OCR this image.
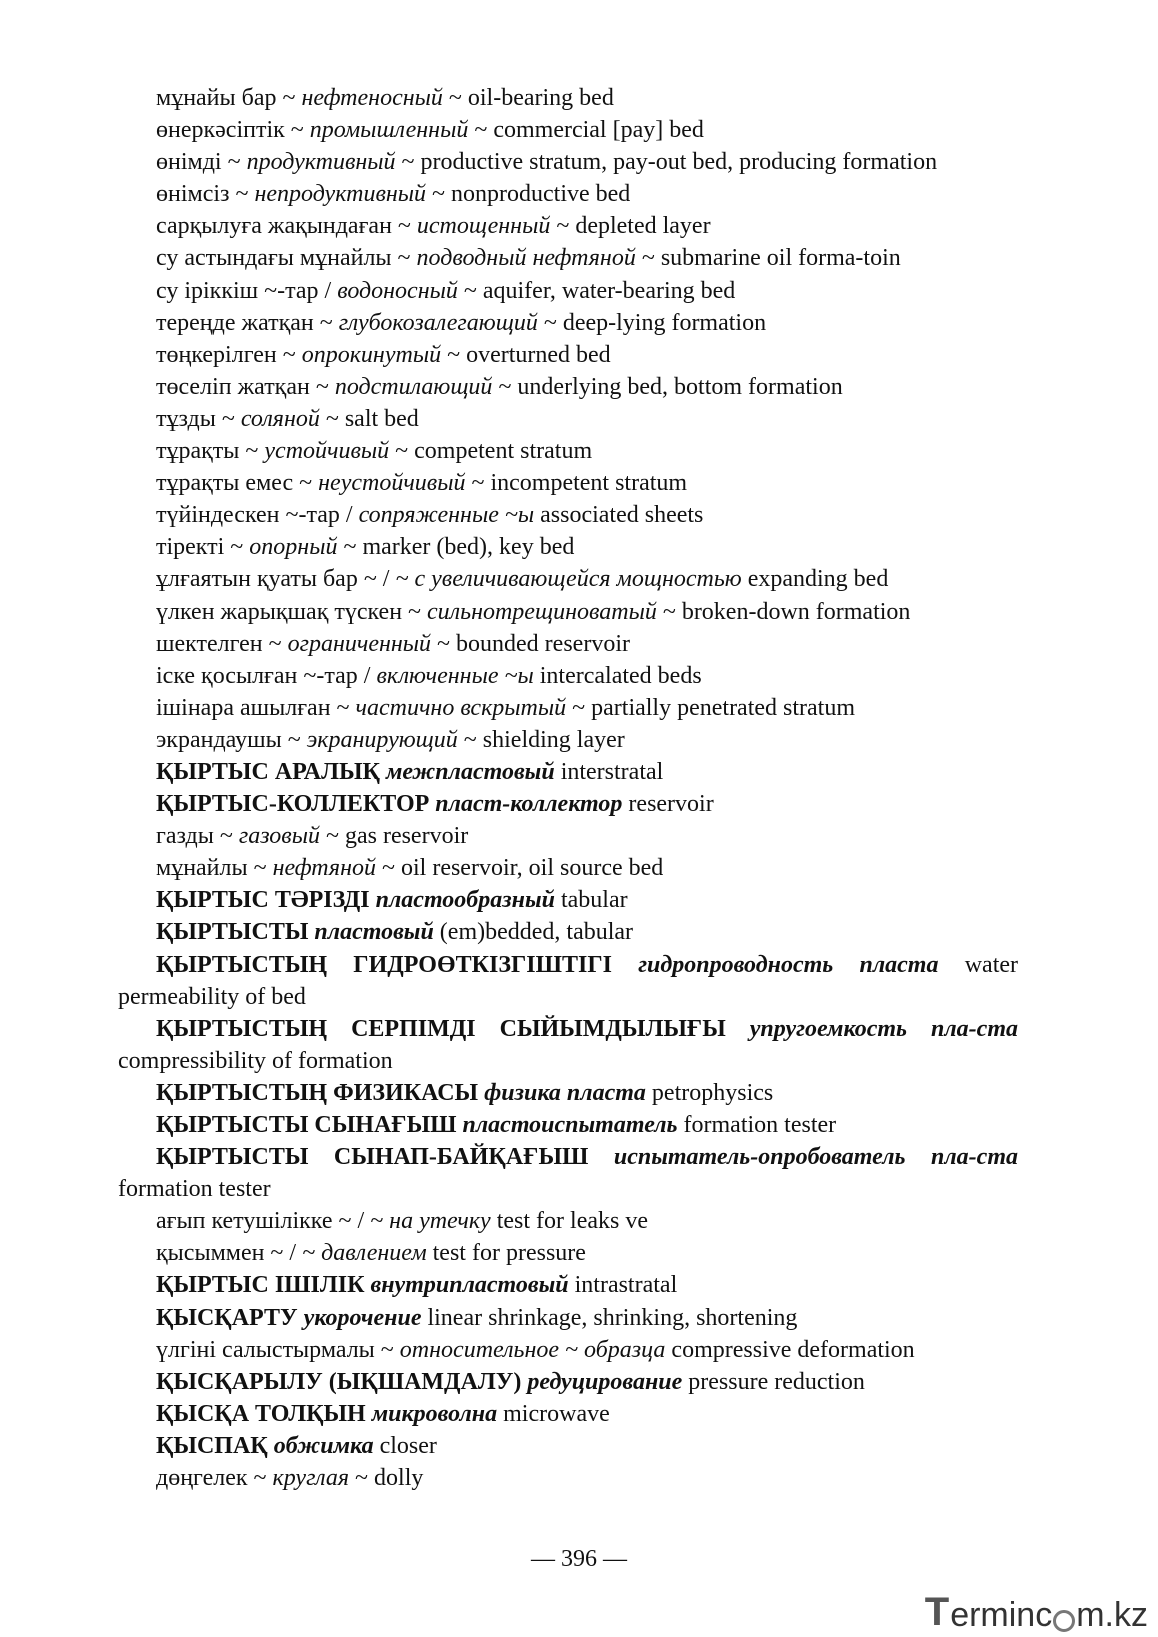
мұнайы бар ~ нефтеносный ~ oil-bearing bed
өнеркәсіптік ~ промышленный ~ commercial [pay] bed
өнімді ~ продуктивный ~ productive stratum, pay-out bed, producing formation
өнімсіз ~ непродуктивный ~ nonproductive bed
сарқылуға жақындаған ~ истощенный ~ depleted layer
су астындағы мұнайлы ~ подводный нефтяной ~ submarine oil forma-toin
су іріккіш ~-тар / водоносный ~ aquifer, water-bearing bed
тереңде жатқан ~ глубокозалегающий ~ deep-lying formation
төңкерілген ~ опрокинутый ~ overturned bed
төселіп жатқан ~ подстилающий ~ underlying bed, bottom formation
тұзды ~ соляной ~ salt bed
тұрақты ~ устойчивый ~ competent stratum
тұрақты емес ~ неустойчивый ~ incompetent stratum
түйіндескен ~-тар / сопряженные ~ы associated sheets
тіректі ~ опорный ~ marker (bed), key bed
ұлғаятын қуаты бар ~ / ~ с увеличивающейся мощностью expanding bed
үлкен жарықшақ түскен ~ сильнотрещиноватый ~ broken-down formation
шектелген ~ ограниченный ~ bounded reservoir
іске қосылған ~-тар / включенные ~ы intercalated beds
ішінара ашылған ~ частично вскрытый ~ partially penetrated stratum
экрандаушы ~ экранирующий ~ shielding layer
ҚЫРТЫС АРАЛЫҚ межпластовый interstratal
ҚЫРТЫС-КОЛЛЕКТОР пласт-коллектор reservoir
газды ~ газовый ~ gas reservoir
мұнайлы ~ нефтяной ~ oil reservoir, oil source bed
ҚЫРТЫС ТӘРІЗДІ пластообразный tabular
ҚЫРТЫСТЫ пластовый (em)bedded, tabular
ҚЫРТЫСТЫҢ ГИДРОӨТКІЗГІШТІГІ гидропроводность пласта water permeability of bed
ҚЫРТЫСТЫҢ СЕРПІМДІ СЫЙЫМДЫЛЫҒЫ упругоемкость пла-ста compressibility of formation
ҚЫРТЫСТЫҢ ФИЗИКАСЫ физика пласта petrophysics
ҚЫРТЫСТЫ СЫНАҒЫШ пластоиспытатель formation tester
ҚЫРТЫСТЫ СЫНАП-БАЙҚАҒЫШ испытатель-опробователь пла-ста formation tester
ағып кетушілікке ~ / ~ на утечку test for leaks ve
қысыммен ~ / ~ давлением test for pressure
ҚЫРТЫС ІШІЛІК внутрипластовый intrastratal
ҚЫСҚАРТУ укорочение linear shrinkage, shrinking, shortening
үлгіні салыстырмалы ~ относительное ~ образца compressive deformation
ҚЫСҚАРЫЛУ (ЫҚШАМДАЛУ) редуцирование pressure reduction
ҚЫСҚА ТОЛҚЫН микроволна microwave
ҚЫСПАҚ обжимка closer
дөңгелек ~ круглая ~ dolly
— 396 —
T erminc m.kz
